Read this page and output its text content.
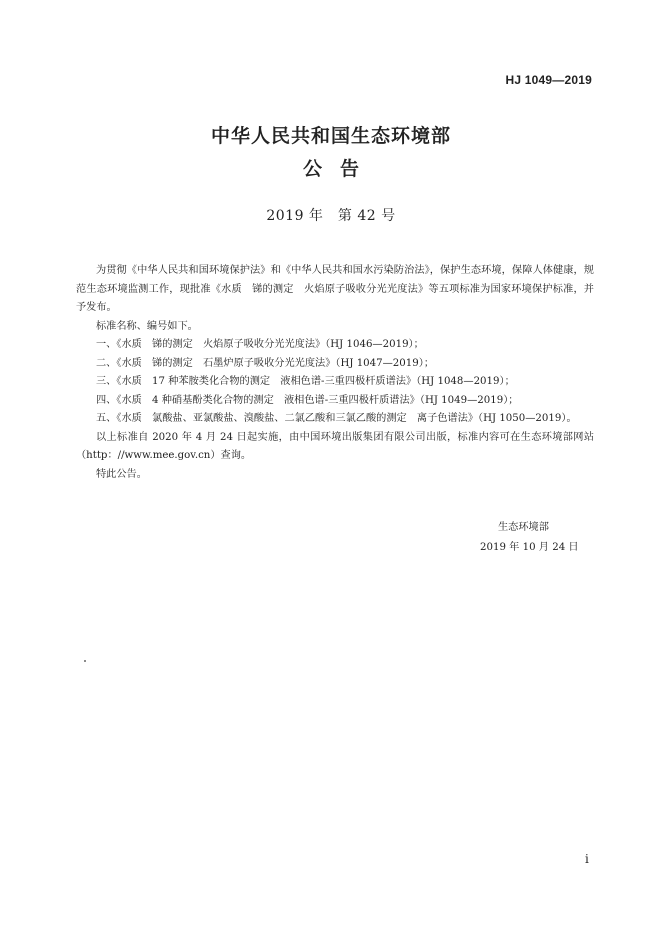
HJ 1049—2019
中华人民共和国生态环境部
公告
2019 年　第 42 号

为贯彻《中华人民共和国环境保护法》和《中华人民共和国水污染防治法》，保护生态环境，保障人体健康，规范生态环境监测工作，现批准《水质　锑的测定　火焰原子吸收分光光度法》等五项标准为国家环境保护标准，并予发布。

标准名称、编号如下。

一、《水质　锑的测定　火焰原子吸收分光光度法》（HJ 1046—2019）；

二、《水质　锑的测定　石墨炉原子吸收分光光度法》（HJ 1047—2019）；

三、《水质　17 种苯胺类化合物的测定　液相色谱-三重四极杆质谱法》（HJ 1048—2019）；

四、《水质　4 种硝基酚类化合物的测定　液相色谱-三重四极杆质谱法》（HJ 1049—2019）；

五、《水质　氯酸盐、亚氯酸盐、溴酸盐、二氯乙酸和三氯乙酸的测定　离子色谱法》（HJ 1050—2019）。

以上标准自 2020 年 4 月 24 日起实施，由中国环境出版集团有限公司出版，标准内容可在生态环境部网站（http：//www.mee.gov.cn）查询。

特此公告。

生态环境部
2019 年 10 月 24 日
i
